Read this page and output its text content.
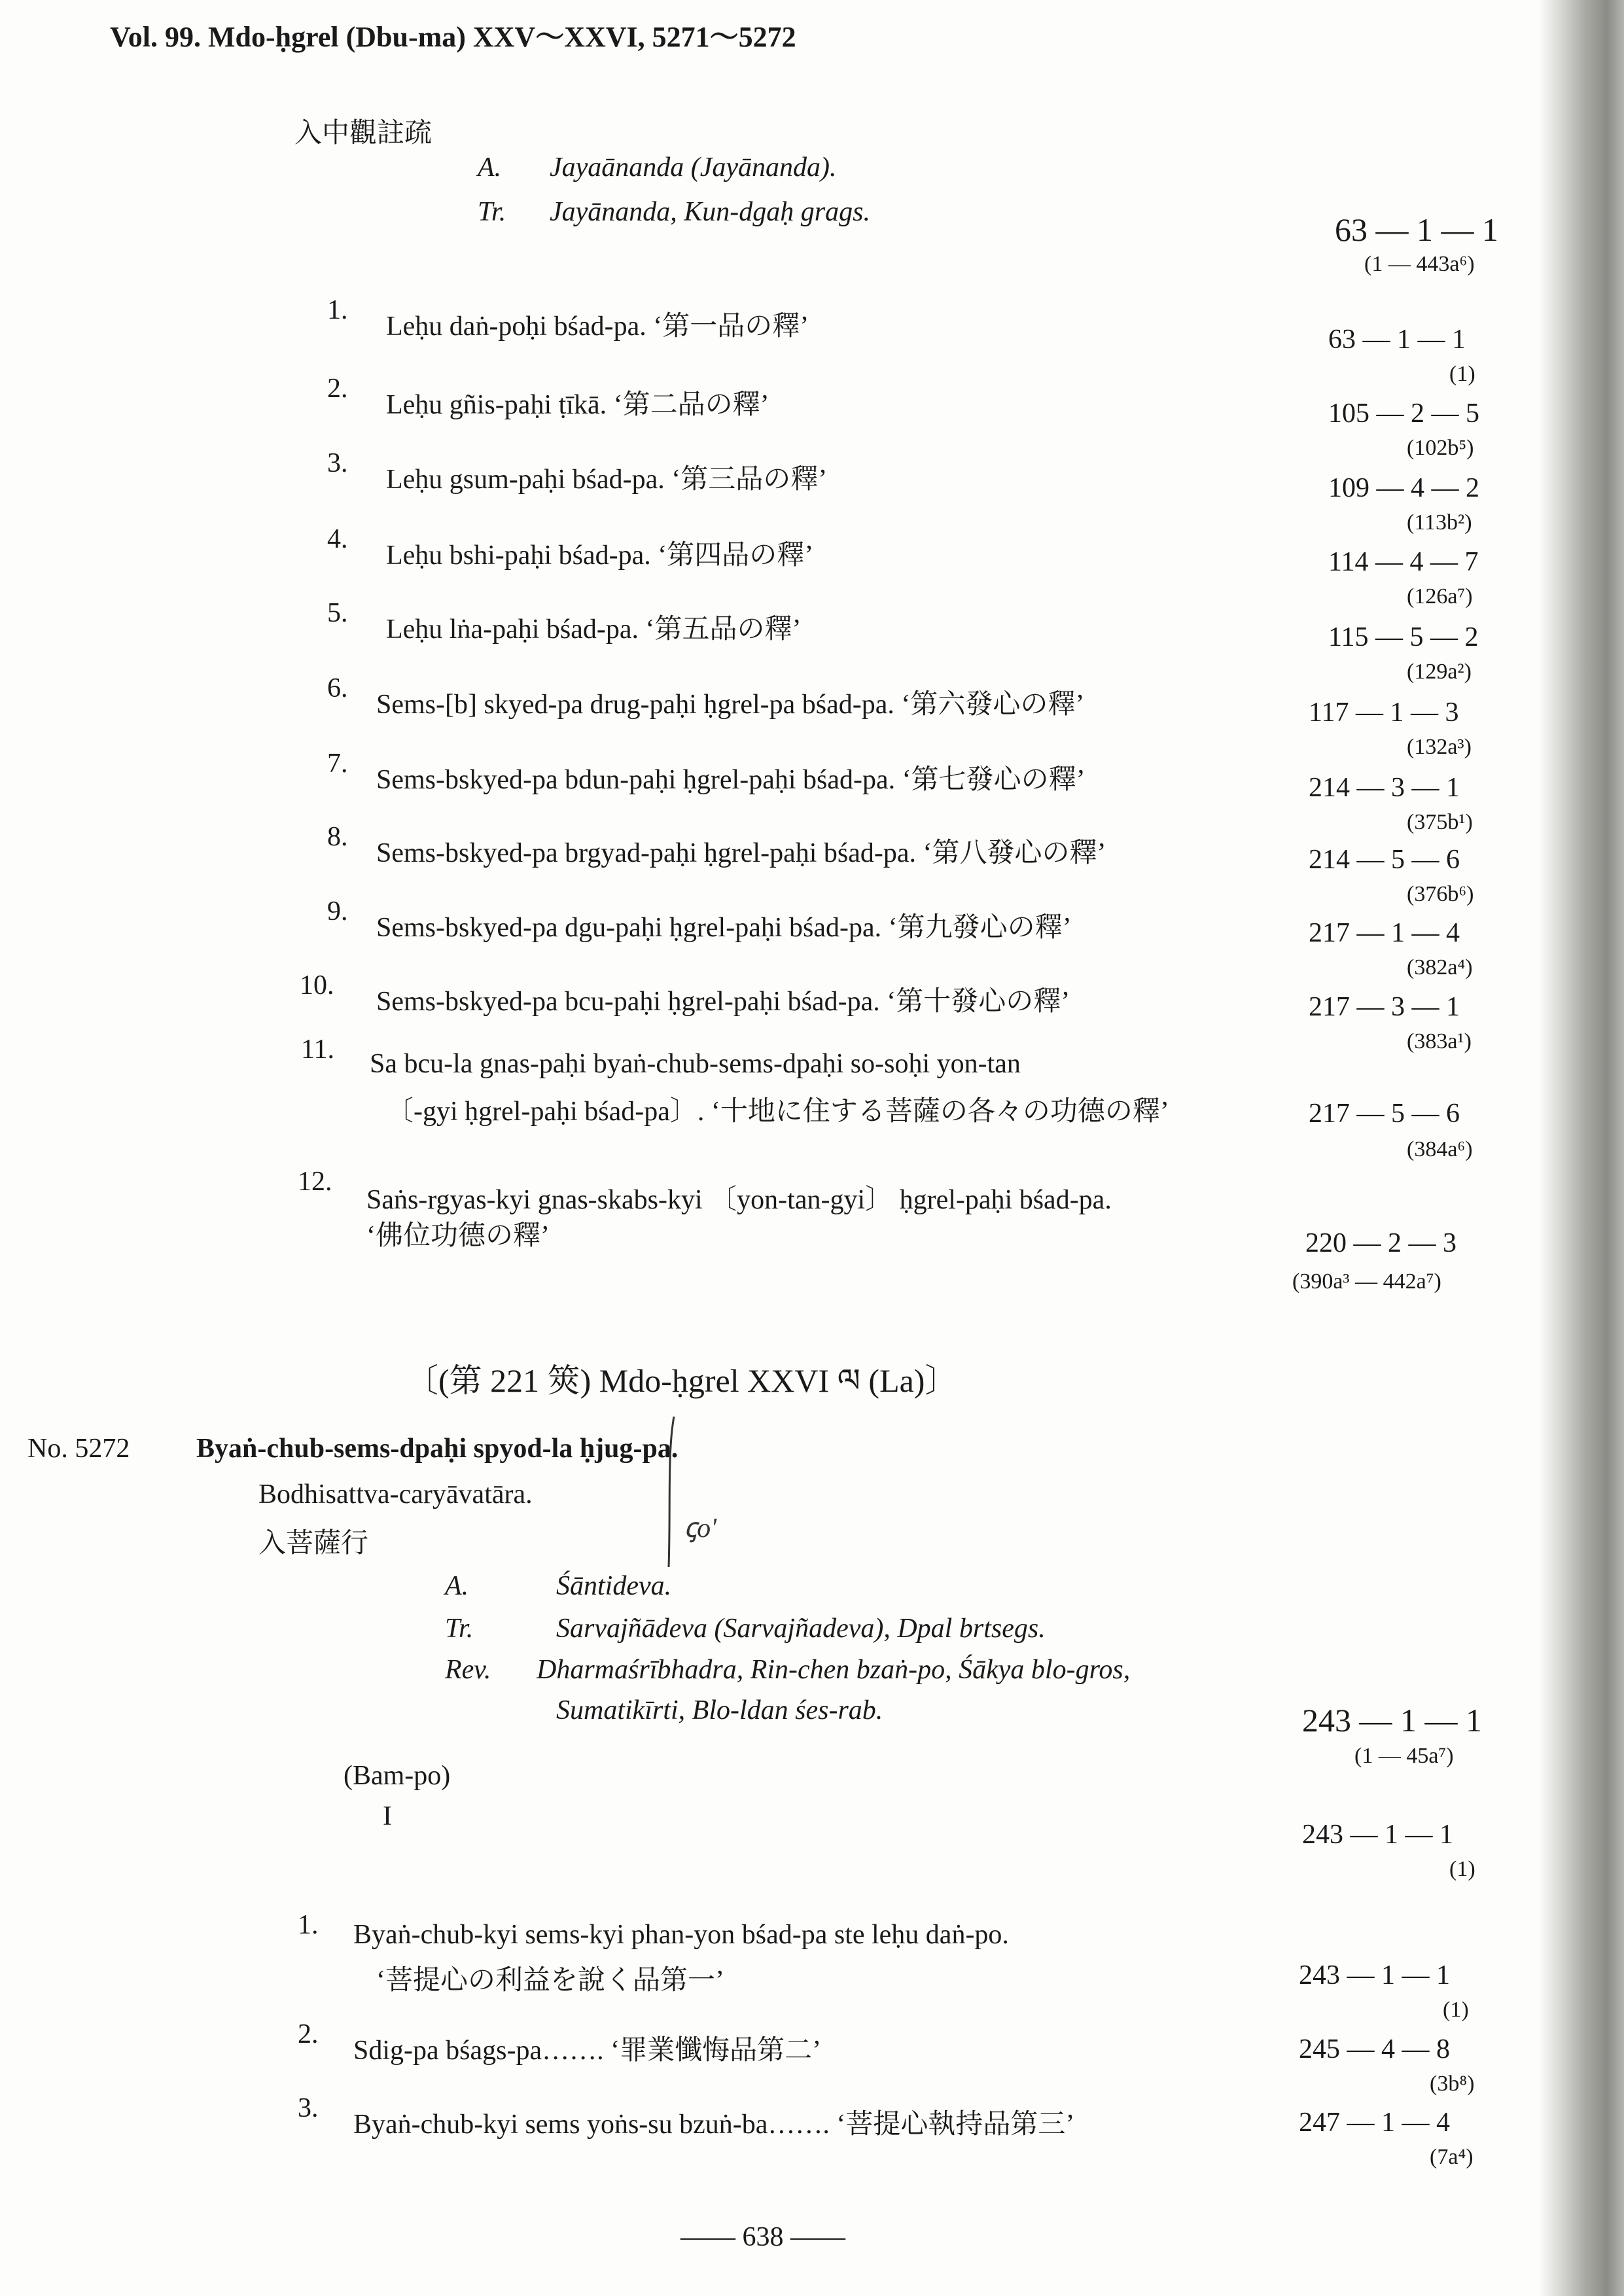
Vol. 99. Mdo-ḥgrel (Dbu-ma) XXV～XXVI, 5271～5272
入中觀註疏
A. Jayaānanda (Jayānanda).
Tr. Jayānanda, Kun-dgaḥ grags.	63 — 1 — 1
(1 — 443a⁶)
1.
Leḥu daṅ-poḥi bśad-pa. ‘第一品の釋’	63 — 1 — 1
(1)
2.
Leḥu gñis-paḥi ṭīkā. ‘第二品の釋’	105 — 2 — 5
(102b⁵)
3.
Leḥu gsum-paḥi bśad-pa. ‘第三品の釋’	109 — 4 — 2
(113b²)
4.
Leḥu bshi-paḥi bśad-pa. ‘第四品の釋’	114 — 4 — 7
(126a⁷)
5.
Leḥu lṅa-paḥi bśad-pa. ‘第五品の釋’	115 — 5 — 2
(129a²)
6.
Sems-[b] skyed-pa drug-paḥi ḥgrel-pa bśad-pa. ‘第六發心の釋’	117 — 1 — 3
(132a³)
7.
Sems-bskyed-pa bdun-paḥi ḥgrel-paḥi bśad-pa. ‘第七發心の釋’	214 — 3 — 1
(375b¹)
8.
Sems-bskyed-pa brgyad-paḥi ḥgrel-paḥi bśad-pa. ‘第八發心の釋’	214 — 5 — 6
(376b⁶)
9.
Sems-bskyed-pa dgu-paḥi ḥgrel-paḥi bśad-pa. ‘第九發心の釋’	217 — 1 — 4
(382a⁴)
10.
Sems-bskyed-pa bcu-paḥi ḥgrel-paḥi bśad-pa. ‘第十發心の釋’	217 — 3 — 1
(383a¹)
11. Sa bcu-la gnas-paḥi byaṅ-chub-sems-dpaḥi so-soḥi yon-tan
〔-gyi ḥgrel-paḥi bśad-pa〕. ‘十地に住する菩薩の各々の功德の釋’	217 — 5 — 6
(384a⁶)
12.
Saṅs-rgyas-kyi gnas-skabs-kyi 〔yon-tan-gyi〕 ḥgrel-paḥi bśad-pa.
‘佛位功德の釋’	220 — 2 — 3
(390a³ — 442a⁷)
〔(第 221 筴) Mdo-ḥgrel XXVI ལ (La)〕
No. 5272 Byaṅ-chub-sems-dpaḥi spyod-la ḥjug-pa.
Bodhisattva-caryāvatāra.
入菩薩行	ꞔo'
A.	Śāntideva.
Tr.	Sarvajñādeva (Sarvajñadeva), Dpal brtsegs.
Rev. Dharmaśrībhadra, Rin-chen bzaṅ-po, Śākya blo-gros,
Sumatikīrti, Blo-ldan śes-rab.	243 — 1 — 1
(1 — 45a⁷)
(Bam-po)
I
243 — 1 — 1
(1)
1. Byaṅ-chub-kyi sems-kyi phan-yon bśad-pa ste leḥu daṅ-po.
‘菩提心の利益を說く品第一’	243 — 1 — 1
(1)
2.
Sdig-pa bśags-pa……. ‘罪業懺悔品第二’	245 — 4 — 8
(3b⁸)
3.
Byaṅ-chub-kyi sems yoṅs-su bzuṅ-ba……. ‘菩提心執持品第三’	247 — 1 — 4
(7a⁴)
—— 638 ——
